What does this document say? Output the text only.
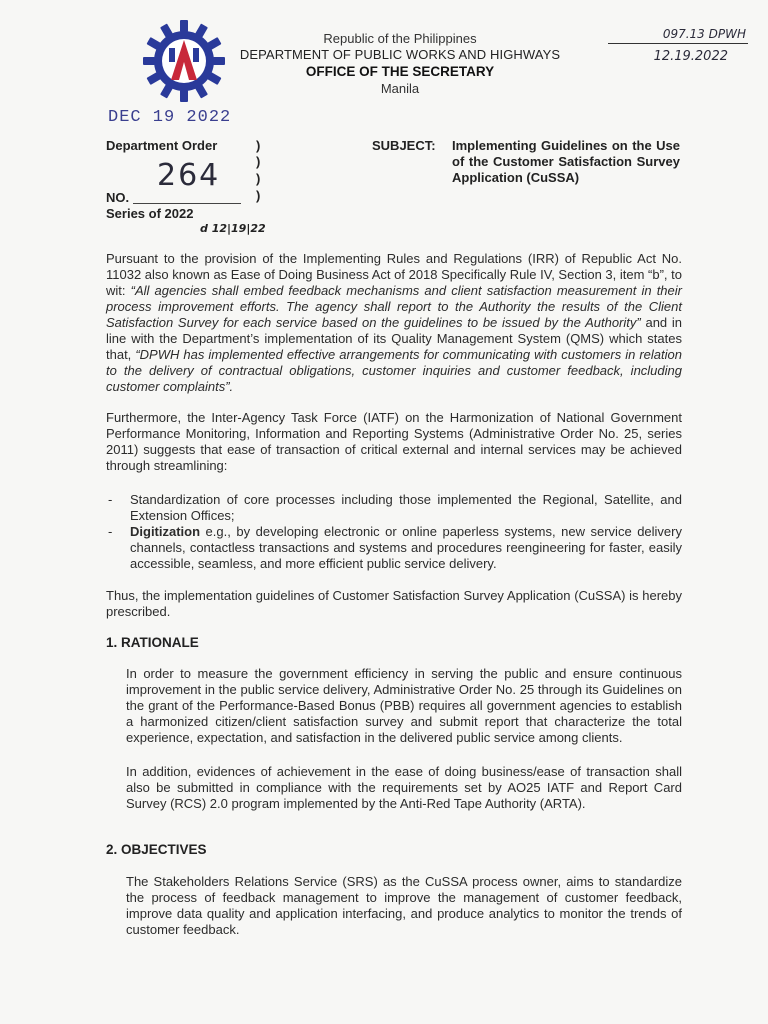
Republic of the Philippines
DEPARTMENT OF PUBLIC WORKS AND HIGHWAYS
OFFICE OF THE SECRETARY
Manila
097.13 DPWH
12.19.2022
DEC 19 2022
Department Order
264
NO.
Series of 2022
d 12|19|22
)
)
)
)
SUBJECT: Implementing Guidelines on the Use of the Customer Satisfaction Survey Application (CuSSA)
Pursuant to the provision of the Implementing Rules and Regulations (IRR) of Republic Act No. 11032 also known as Ease of Doing Business Act of 2018 Specifically Rule IV, Section 3, item “b”, to wit: “All agencies shall embed feedback mechanisms and client satisfaction measurement in their process improvement efforts. The agency shall report to the Authority the results of the Client Satisfaction Survey for each service based on the guidelines to be issued by the Authority” and in line with the Department’s implementation of its Quality Management System (QMS) which states that, “DPWH has implemented effective arrangements for communicating with customers in relation to the delivery of contractual obligations, customer inquiries and customer feedback, including customer complaints”.
Furthermore, the Inter-Agency Task Force (IATF) on the Harmonization of National Government Performance Monitoring, Information and Reporting Systems (Administrative Order No. 25, series 2011) suggests that ease of transaction of critical external and internal services may be achieved through streamlining:
- Standardization of core processes including those implemented the Regional, Satellite, and Extension Offices;
- Digitization e.g., by developing electronic or online paperless systems, new service delivery channels, contactless transactions and systems and procedures reengineering for faster, easily accessible, seamless, and more efficient public service delivery.
Thus, the implementation guidelines of Customer Satisfaction Survey Application (CuSSA) is hereby prescribed.
1. RATIONALE
In order to measure the government efficiency in serving the public and ensure continuous improvement in the public service delivery, Administrative Order No. 25 through its Guidelines on the grant of the Performance-Based Bonus (PBB) requires all government agencies to establish a harmonized citizen/client satisfaction survey and submit report that characterize the total experience, expectation, and satisfaction in the delivered public service among clients.
In addition, evidences of achievement in the ease of doing business/ease of transaction shall also be submitted in compliance with the requirements set by AO25 IATF and Report Card Survey (RCS) 2.0 program implemented by the Anti-Red Tape Authority (ARTA).
2. OBJECTIVES
The Stakeholders Relations Service (SRS) as the CuSSA process owner, aims to standardize the process of feedback management to improve the management of customer feedback, improve data quality and application interfacing, and produce analytics to monitor the trends of customer feedback.
